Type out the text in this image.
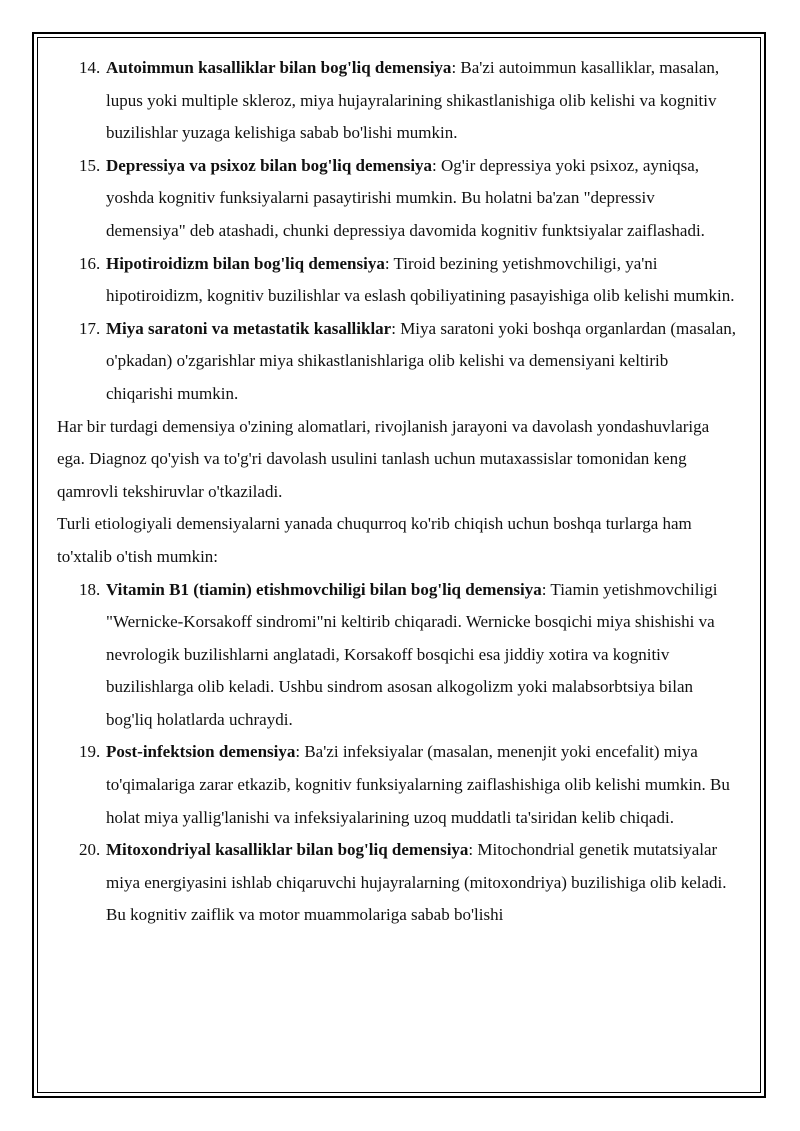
14. Autoimmun kasalliklar bilan bog'liq demensiya: Ba'zi autoimmun kasalliklar, masalan, lupus yoki multiple skleroz, miya hujayralarining shikastlanishiga olib kelishi va kognitiv buzilishlar yuzaga kelishiga sabab bo'lishi mumkin.
15. Depressiya va psixoz bilan bog'liq demensiya: Og'ir depressiya yoki psixoz, ayniqsa, yoshda kognitiv funksiyalarni pasaytirishi mumkin. Bu holatni ba'zan "depressiv demensiya" deb atashadi, chunki depressiya davomida kognitiv funktsiyalar zaiflashadi.
16. Hipotiroidizm bilan bog'liq demensiya: Tiroid bezining yetishmovchiligi, ya'ni hipotiroidizm, kognitiv buzilishlar va eslash qobiliyatining pasayishiga olib kelishi mumkin.
17. Miya saratoni va metastatik kasalliklar: Miya saratoni yoki boshqa organlardan (masalan, o'pkadan) o'zgarishlar miya shikastlanishlariga olib kelishi va demensiyani keltirib chiqarishi mumkin.

Har bir turdagi demensiya o'zining alomatlari, rivojlanish jarayoni va davolash yondashuvlariga ega. Diagnoz qo'yish va to'g'ri davolash usulini tanlash uchun mutaxassislar tomonidan keng qamrovli tekshiruvlar o'tkaziladi.

Turli etiologiyali demensiyalarni yanada chuqurroq ko'rib chiqish uchun boshqa turlarga ham to'xtalib o'tish mumkin:

18. Vitamin B1 (tiamin) etishmovchiligi bilan bog'liq demensiya: Tiamin yetishmovchiligi "Wernicke-Korsakoff sindromi"ni keltirib chiqaradi. Wernicke bosqichi miya shishishi va nevrologik buzilishlarni anglatadi, Korsakoff bosqichi esa jiddiy xotira va kognitiv buzilishlarga olib keladi. Ushbu sindrom asosan alkogolizm yoki malabsorbtsiya bilan bog'liq holatlarda uchraydi.
19. Post-infektsion demensiya: Ba'zi infeksiyalar (masalan, menenjit yoki encefalit) miya to'qimalariga zarar etkazib, kognitiv funksiyalarning zaiflashishiga olib kelishi mumkin. Bu holat miya yallig'lanishi va infeksiyalarining uzoq muddatli ta'siridan kelib chiqadi.
20. Mitoxondriyal kasalliklar bilan bog'liq demensiya: Mitochondrial genetik mutatsiyalar miya energiyasini ishlab chiqaruvchi hujayralarning (mitoxondriya) buzilishiga olib keladi. Bu kognitiv zaiflik va motor muammolariga sabab bo'lishi
